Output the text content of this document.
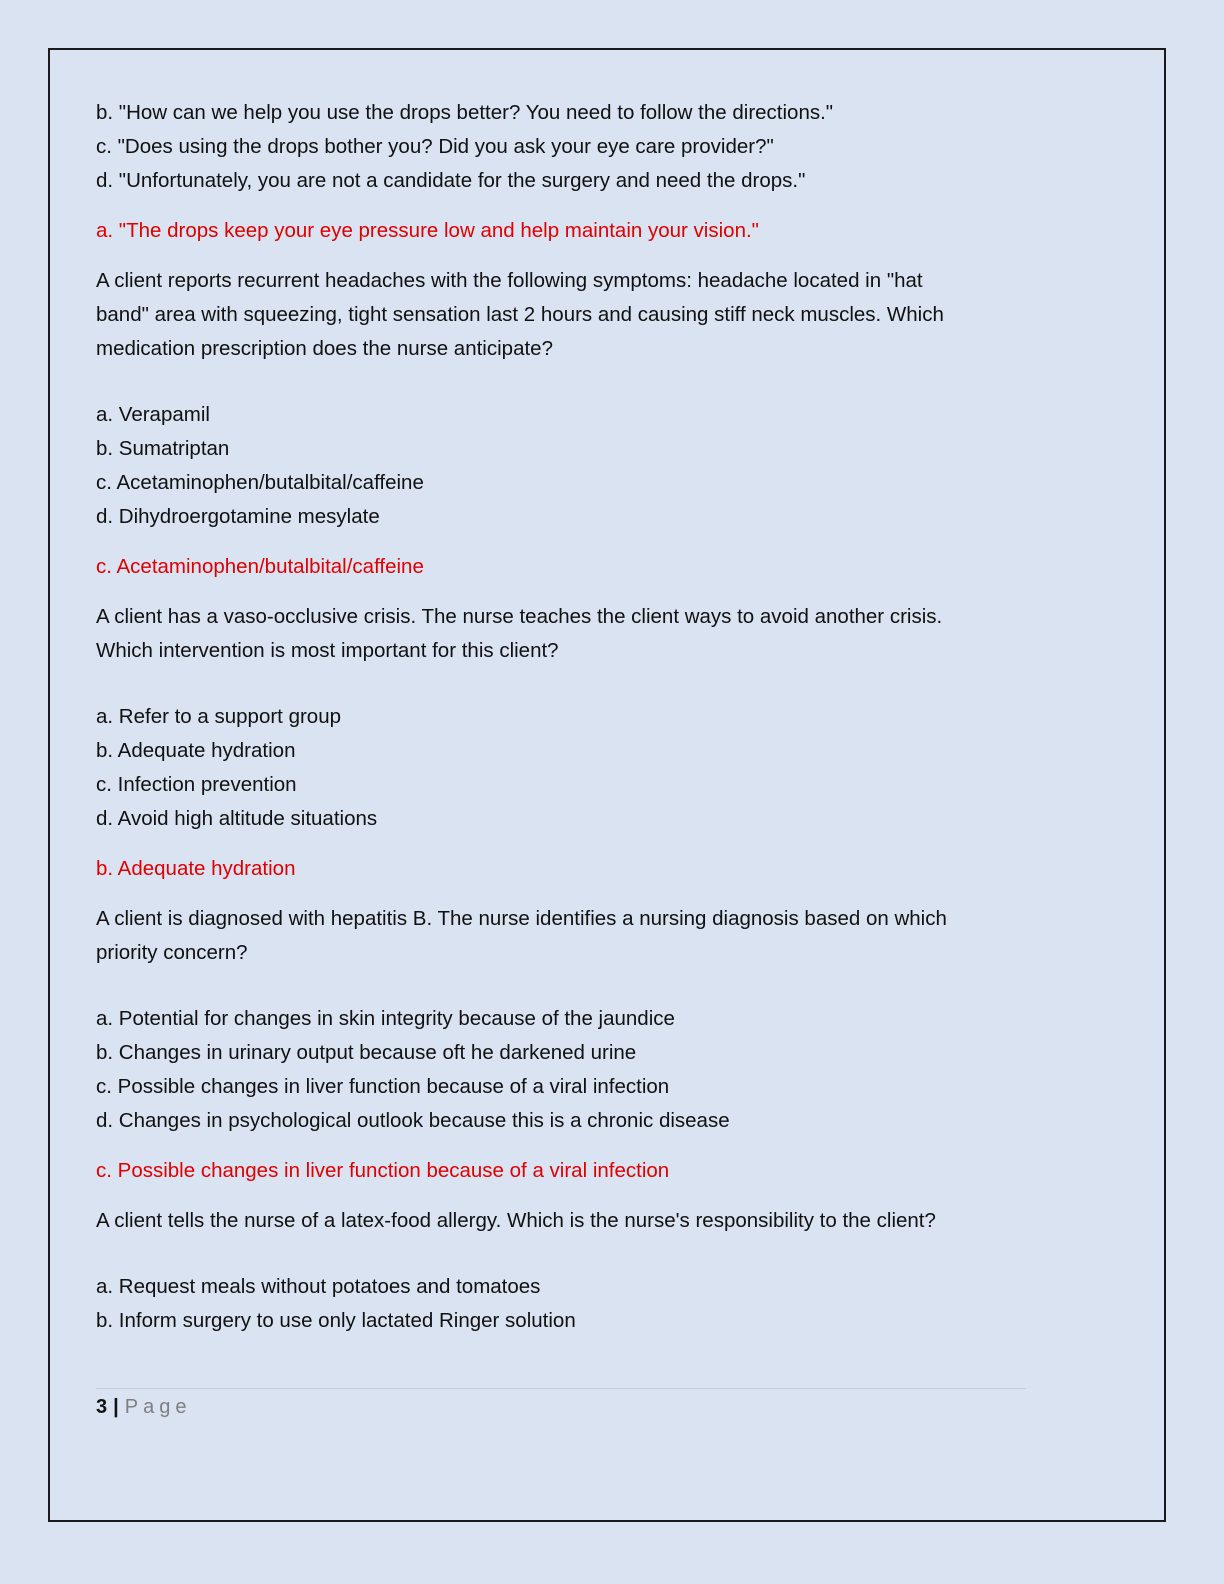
b. "How can we help you use the drops better? You need to follow the directions."
c. "Does using the drops bother you? Did you ask your eye care provider?"
d. "Unfortunately, you are not a candidate for the surgery and need the drops."
a. "The drops keep your eye pressure low and help maintain your vision."
A client reports recurrent headaches with the following symptoms: headache located in "hat
band" area with squeezing, tight sensation last 2 hours and causing stiff neck muscles. Which
medication prescription does the nurse anticipate?
a. Verapamil
b. Sumatriptan
c. Acetaminophen/butalbital/caffeine
d. Dihydroergotamine mesylate
c. Acetaminophen/butalbital/caffeine
A client has a vaso-occlusive crisis. The nurse teaches the client ways to avoid another crisis.
Which intervention is most important for this client?
a. Refer to a support group
b. Adequate hydration
c. Infection prevention
d. Avoid high altitude situations
b. Adequate hydration
A client is diagnosed with hepatitis B. The nurse identifies a nursing diagnosis based on which
priority concern?
a. Potential for changes in skin integrity because of the jaundice
b. Changes in urinary output because oft he darkened urine
c. Possible changes in liver function because of a viral infection
d. Changes in psychological outlook because this is a chronic disease
c. Possible changes in liver function because of a viral infection
A client tells the nurse of a latex-food allergy. Which is the nurse's responsibility to the client?
a. Request meals without potatoes and tomatoes
b. Inform surgery to use only lactated Ringer solution
3 | Page
